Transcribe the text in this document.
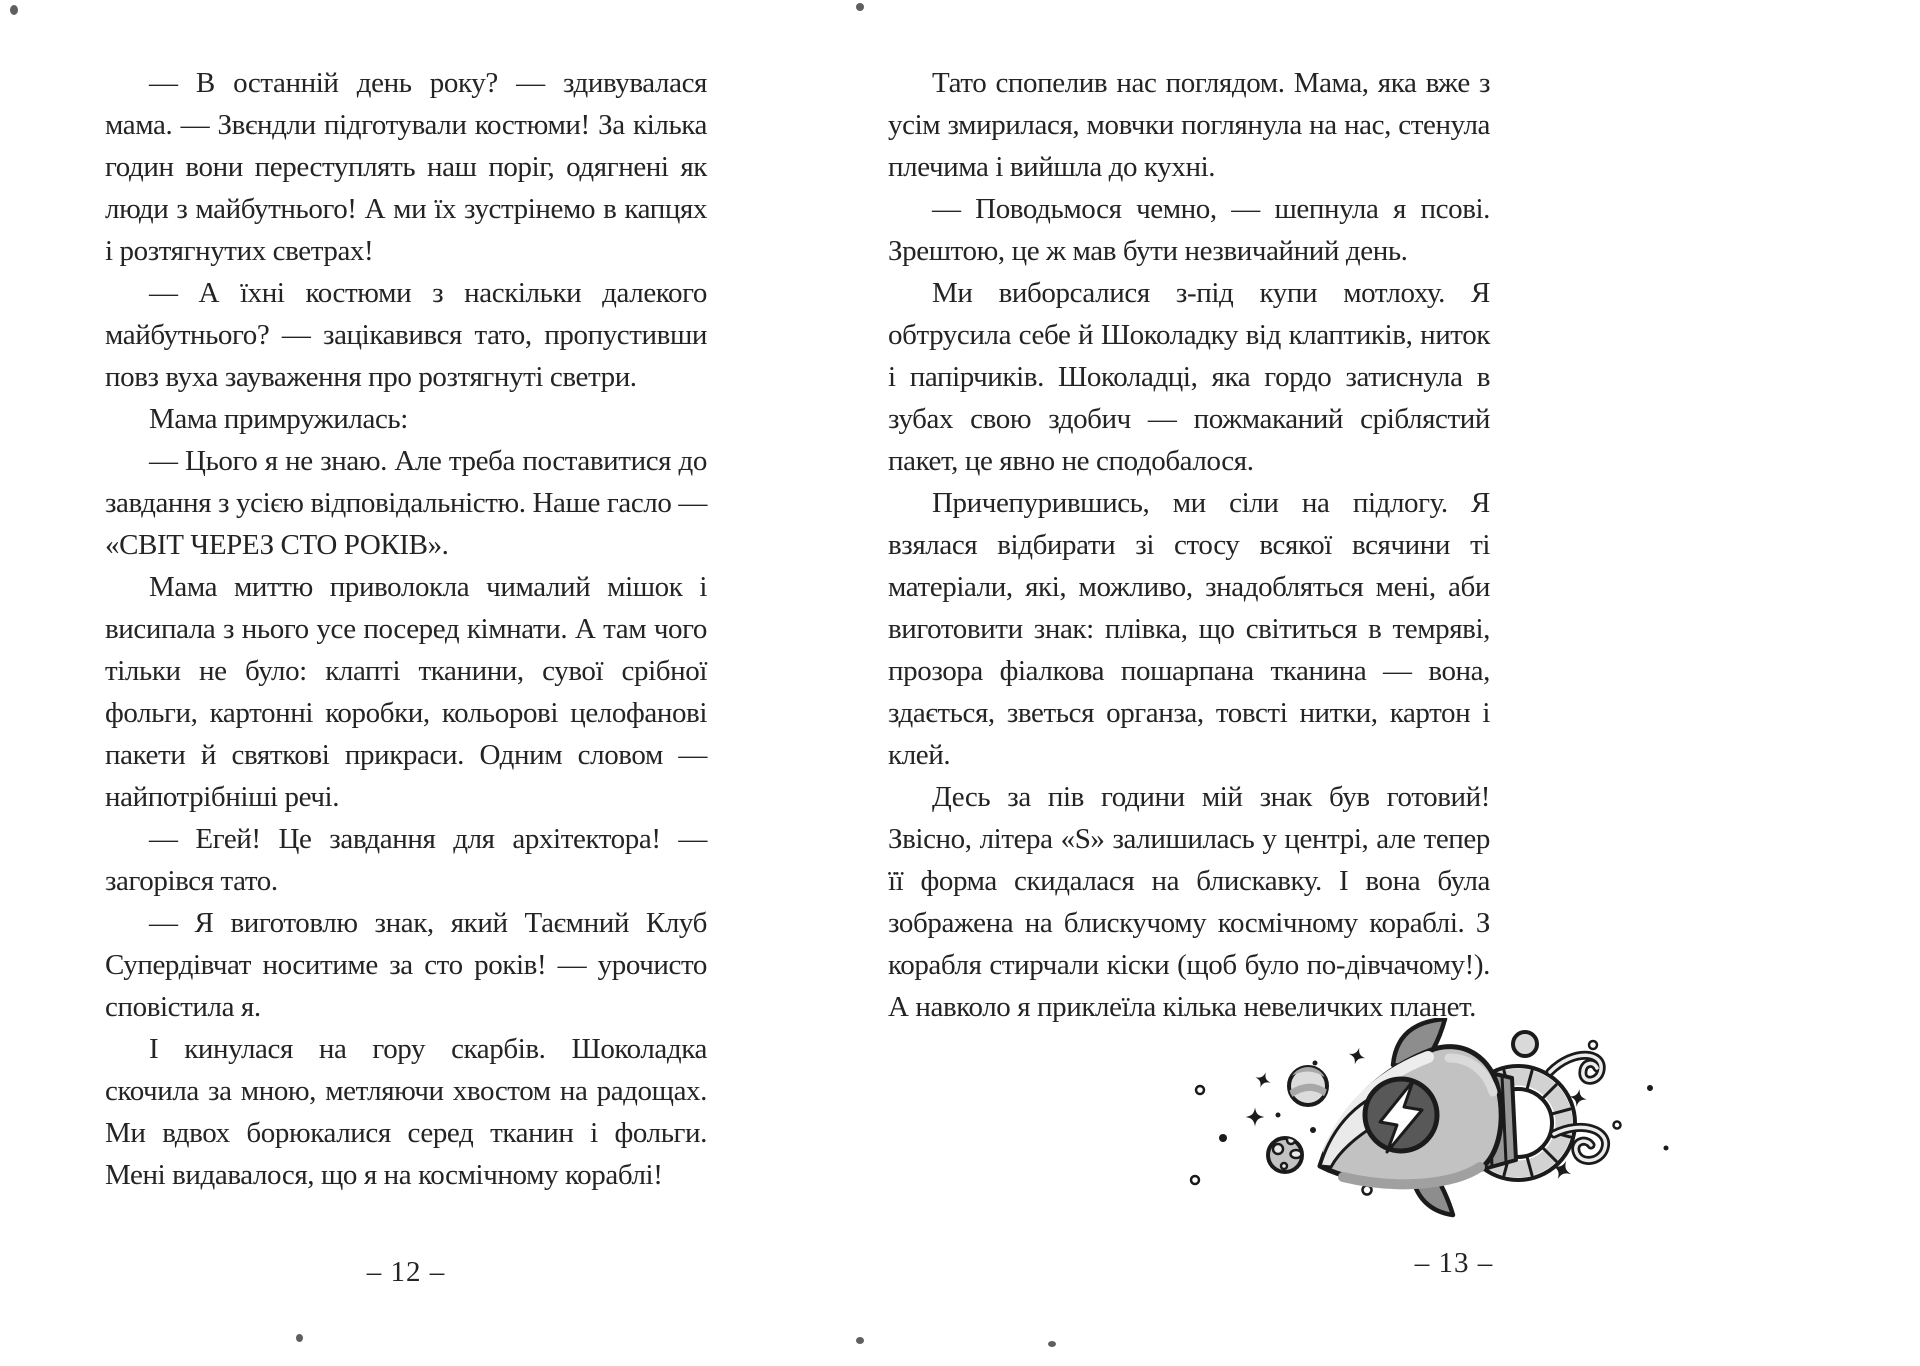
— В останній день року? — здивувалася мама. — Звєндли підготували костюми! За кілька годин вони переступлять наш поріг, одягнені як люди з майбутнього! А ми їх зустрінемо в капцях і розтягнутих светрах!

— А їхні костюми з наскільки далекого майбутнього? — зацікавився тато, пропустивши повз вуха зауваження про розтягнуті светри.

Мама примружилась:

— Цього я не знаю. Але треба поставитися до завдання з усією відповідальністю. Наше гасло — «СВІТ ЧЕРЕЗ СТО РОКІВ».

Мама миттю приволокла чималий мішок і висипала з нього усе посеред кімнати. А там чого тільки не було: клапті тканини, сувої срібної фольги, картонні коробки, кольорові целофанові пакети й святкові прикраси. Одним словом — найпотрібніші речі.

— Егей! Це завдання для архітектора! — загорівся тато.

— Я виготовлю знак, який Таємний Клуб Супердівчат носитиме за сто років! — урочисто сповістила я.

І кинулася на гору скарбів. Шоколадка скочила за мною, метляючи хвостом на радощах. Ми вдвох борюкалися серед тканин і фольги. Мені видавалося, що я на космічному кораблі!

– 12 –

Тато спопелив нас поглядом. Мама, яка вже з усім змирилася, мовчки поглянула на нас, стенула плечима і вийшла до кухні.

— Поводьмося чемно, — шепнула я псові. Зрештою, це ж мав бути незвичайний день.

Ми виборсалися з-під купи мотлоху. Я обтрусила себе й Шоколадку від клаптиків, ниток і папірчиків. Шоколадці, яка гордо затиснула в зубах свою здобич — пожмаканий сріблястий пакет, це явно не сподобалося.

Причепурившись, ми сіли на підлогу. Я взялася відбирати зі стосу всякої всячини ті матеріали, які, можливо, знадобляться мені, аби виготовити знак: плівка, що світиться в темряві, прозора фіалкова пошарпана тканина — вона, здається, зветься органза, товсті нитки, картон і клей.

Десь за пів години мій знак був готовий! Звісно, літера «S» залишилась у центрі, але тепер її форма скидалася на блискавку. І вона була зображена на блискучому космічному кораблі. З корабля стирчали кіски (щоб було по-дівчачому!). А навколо я приклеїла кілька невеличких планет.

– 13 –
